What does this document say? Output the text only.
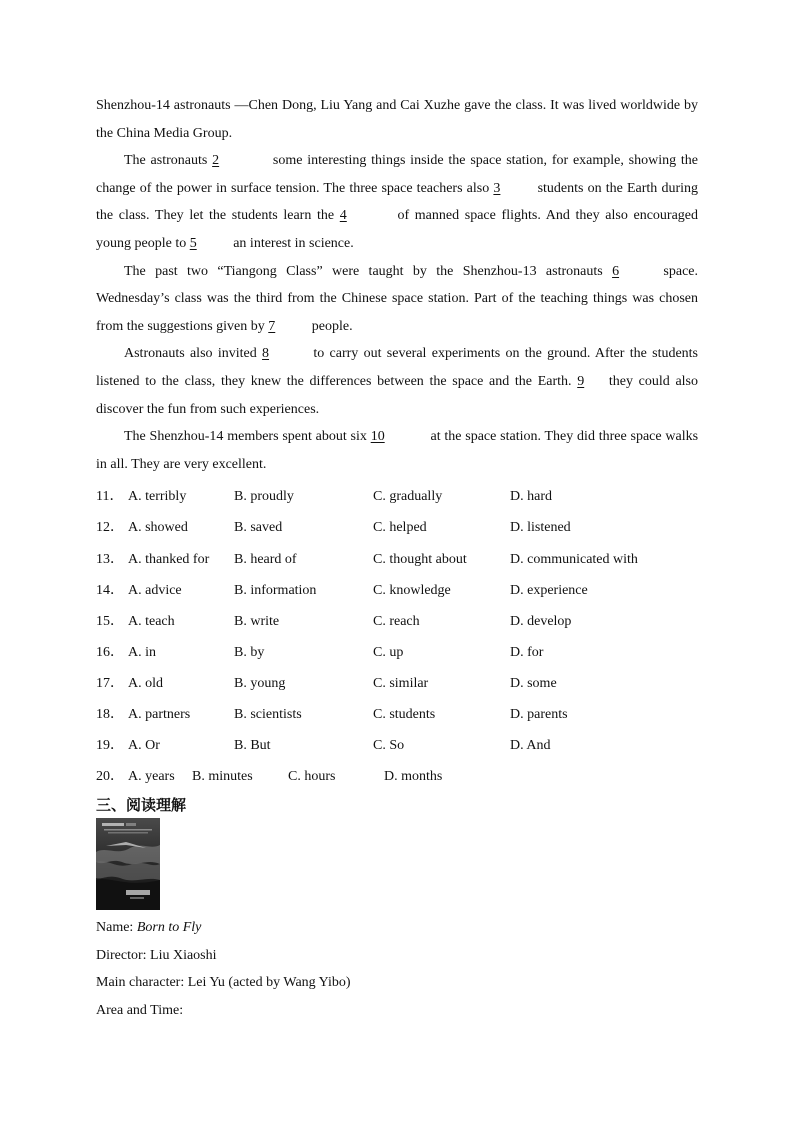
Shenzhou-14 astronauts —Chen Dong, Liu Yang and Cai Xuzhe gave the class. It was lived worldwide by the China Media Group.

The astronauts 2	some interesting things inside the space station, for example, showing the change of the power in surface tension. The three space teachers also 3	students on the Earth during the class. They let the students learn the 4	of manned space flights. And they also encouraged young people to 5	an interest in science.

The past two “Tiangong Class” were taught by the Shenzhou-13 astronauts 6	space. Wednesday’s class was the third from the Chinese space station. Part of the teaching things was chosen from the suggestions given by 7	people.

Astronauts also invited 8	to carry out several experiments on the ground. After the students listened to the class, they knew the differences between the space and the Earth. 9 they could also discover the fun from such experiences.

The Shenzhou-14 members spent about six 10	at the space station. They did three space walks in all. They are very excellent.

11． A. terribly	B. proudly	C. gradually	D. hard
12． A. showed	B. saved	C. helped	D. listened
13． A. thanked for B. heard of	C. thought about	D. communicated with
14． A. advice	B. information	C. knowledge	D. experience
15． A. teach	B. write	C. reach	D. develop
16． A. in	B. by	C. up	D. for
17． A. old	B. young	C. similar	D. some
18． A. partners	B. scientists	C. students	D. parents
19． A. Or	B. But	C. So	D. And
20． A. years B. minutes	C. hours	D. months
三、阅读理解
Name: Born to Fly
Director: Liu Xiaoshi
Main character: Lei Yu (acted by Wang Yibo)
Area and Time:
